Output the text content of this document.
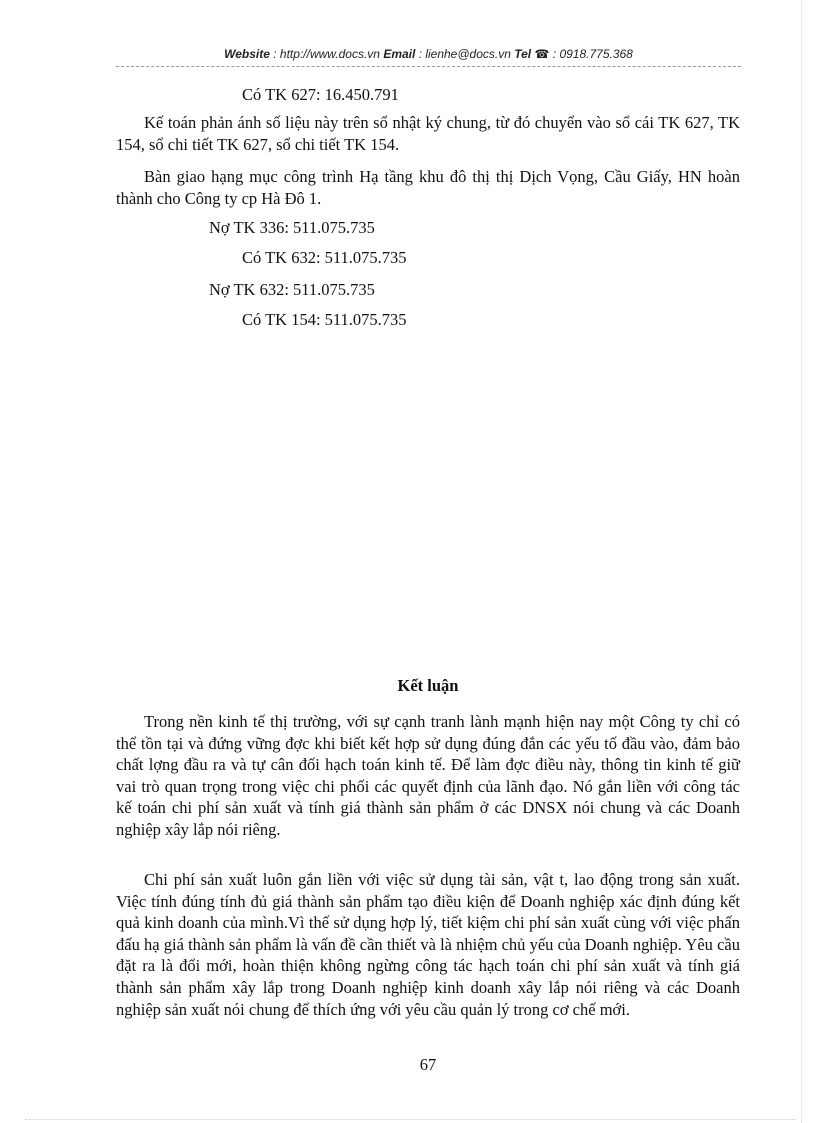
Website : http://www.docs.vn Email : lienhe@docs.vn Tel ☎ : 0918.775.368
Có TK 627: 16.450.791

Kế toán phản ánh số liệu này trên sổ nhật ký chung, từ đó chuyển vào sổ cái TK 627, TK 154, sổ chi tiết TK 627, sổ chi tiết TK 154.

Bàn giao hạng mục công trình Hạ tầng khu đô thị thị Dịch Vọng, Cầu Giấy, HN hoàn thành cho Công ty cp Hà Đô 1.

Nợ TK 336: 511.075.735
Có TK 632: 511.075.735
Nợ TK 632: 511.075.735
Có TK 154: 511.075.735
Kết luận

Trong nền kinh tế thị trường, với sự cạnh tranh lành mạnh hiện nay một Công ty chỉ có thể tồn tại và đứng vững đợc khi biết kết hợp sử dụng đúng đắn các yếu tố đầu vào, đảm bảo chất lợng đầu ra và tự cân đối hạch toán kinh tế. Để làm đợc điều này, thông tin kinh tế giữ vai trò quan trọng trong việc chi phối các quyết định của lãnh đạo. Nó gắn liền với công tác kế toán chi phí sản xuất và tính giá thành sản phẩm ở các DNSX nói chung và các Doanh nghiệp xây lắp nói riêng.

Chi phí sản xuất luôn gắn liền với việc sử dụng tài sản, vật t, lao động trong sản xuất. Việc tính đúng tính đủ giá thành sản phẩm tạo điều kiện để Doanh nghiệp xác định đúng kết quả kinh doanh của mình.Vì thế sử dụng hợp lý, tiết kiệm chi phí sản xuất cùng với việc phấn đấu hạ giá thành sản phẩm là vấn đề cần thiết và là nhiệm chủ yếu của Doanh nghiệp. Yêu cầu đặt ra là đổi mới, hoàn thiện không ngừng công tác hạch toán chi phí sản xuất và tính giá thành sản phẩm xây lắp trong Doanh nghiệp kinh doanh xây lắp nói riêng và các Doanh nghiệp sản xuất nói chung để thích ứng với yêu cầu quản lý trong cơ chế mới.

67
